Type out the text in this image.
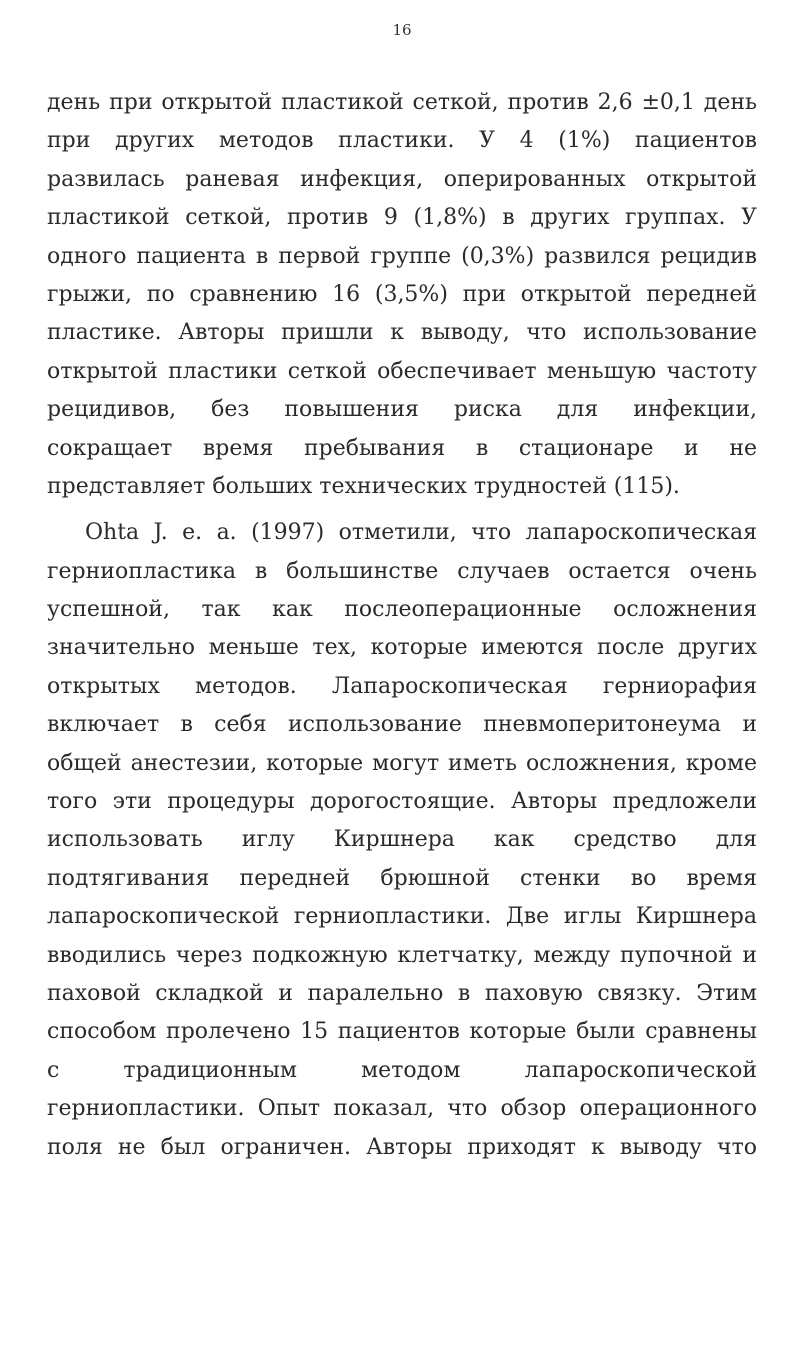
16
день при открытой пластикой сеткой, против 2,6 ±0,1 день
при других методов пластики. У 4 (1%) пациентов
развилась раневая инфекция, оперированных открытой
пластикой сеткой, против 9 (1,8%) в других группах. У
одного пациента в первой группе (0,3%) развился рецидив
грыжи, по сравнению 16 (3,5%) при открытой передней
пластике. Авторы пришли к выводу, что использование
открытой пластики сеткой обеспечивает меньшую частоту
рецидивов, без повышения риска для инфекции,
сокращает время пребывания в стационаре и не
представляет больших технических трудностей (115).
Ohta J. e. a. (1997) отметили, что лапароскопическая
герниопластика в большинстве случаев остается очень
успешной, так как послеоперационные осложнения
значительно меньше тех, которые имеются после других
открытых методов. Лапароскопическая герниорафия
включает в себя использование пневмоперитонеума и
общей анестезии, которые могут иметь осложнения, кроме
того эти процедуры дорогостоящие. Авторы предложели
использовать иглу Киршнера как средство для
подтягивания передней брюшной стенки во время
лапароскопической герниопластики. Две иглы Киршнера
вводились через подкожную клетчатку, между пупочной и
паховой складкой и паралельно в паховую связку. Этим
способом пролечено 15 пациентов которые были сравнены
с традиционным методом лапароскопической
герниопластики. Опыт показал, что обзор операционного
поля не был ограничен. Авторы приходят к выводу что
